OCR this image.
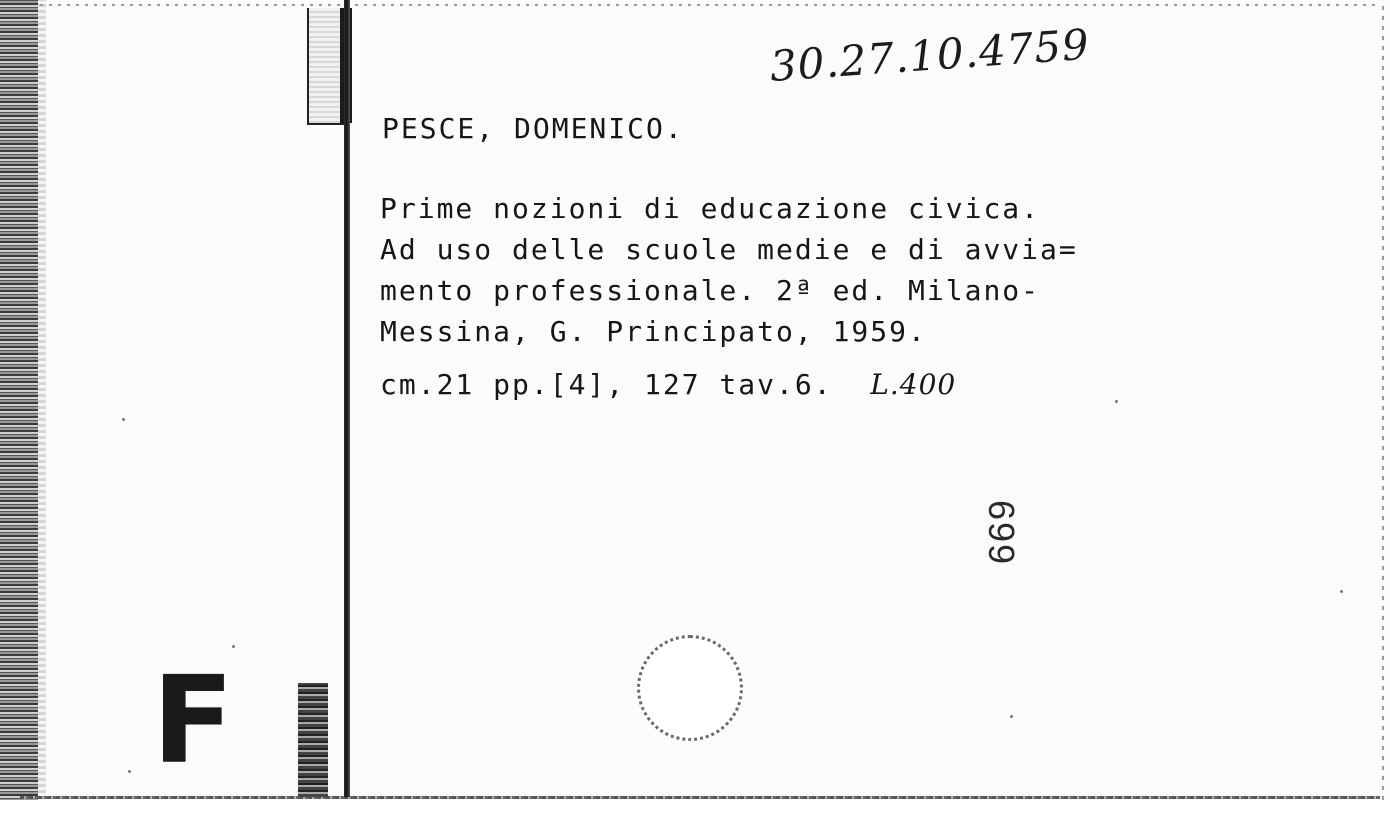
F
30.27.10.4759

PESCE, DOMENICO.

Prime nozioni di educazione civica.
Ad uso delle scuole medie e di avvia=
mento professionale. 2ª ed. Milano-
Messina, G. Principato, 1959.

cm.21 pp.[4], 127 tav.6. L.400

699
